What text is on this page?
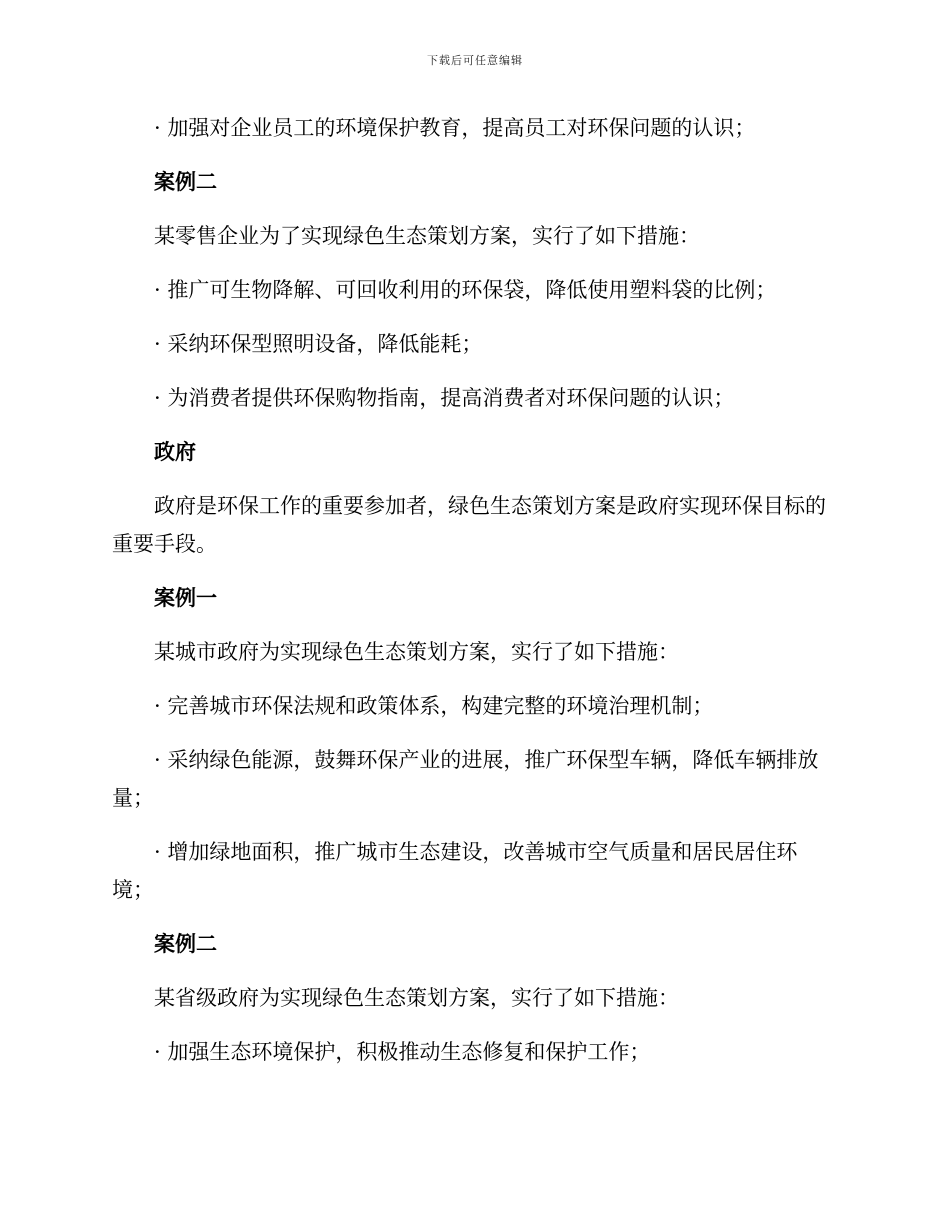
下载后可任意编辑

· 加强对企业员工的环境保护教育，提高员工对环保问题的认识；

案例二

某零售企业为了实现绿色生态策划方案，实行了如下措施：

· 推广可生物降解、可回收利用的环保袋，降低使用塑料袋的比例；

· 采纳环保型照明设备，降低能耗；

· 为消费者提供环保购物指南，提高消费者对环保问题的认识；

政府

政府是环保工作的重要参加者，绿色生态策划方案是政府实现环保目标的重要手段。

案例一

某城市政府为实现绿色生态策划方案，实行了如下措施：

· 完善城市环保法规和政策体系，构建完整的环境治理机制；

· 采纳绿色能源，鼓舞环保产业的进展，推广环保型车辆，降低车辆排放量；

· 增加绿地面积，推广城市生态建设，改善城市空气质量和居民居住环境；

案例二

某省级政府为实现绿色生态策划方案，实行了如下措施：

· 加强生态环境保护，积极推动生态修复和保护工作；
